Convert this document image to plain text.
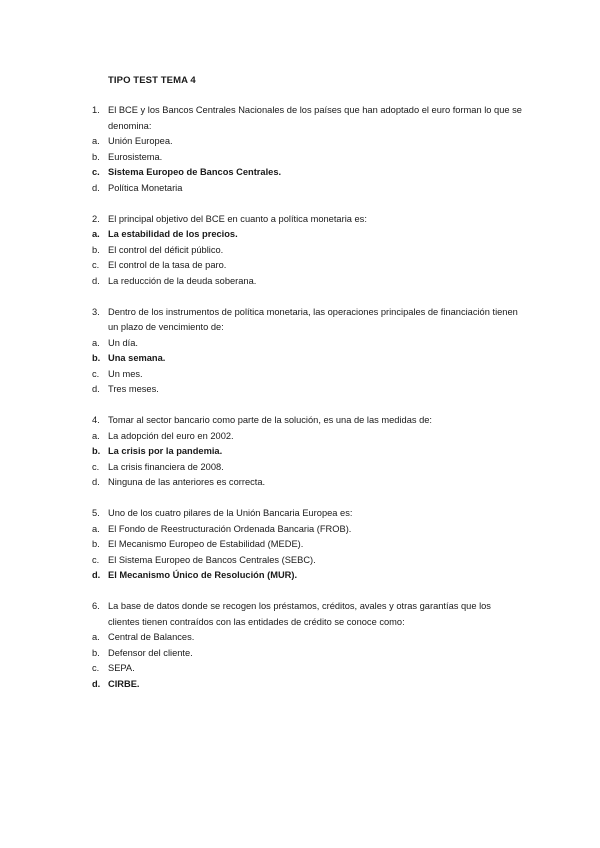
TIPO TEST TEMA 4
1. El BCE y los Bancos Centrales Nacionales de los países que han adoptado el euro forman lo que se denomina:
a. Unión Europea.
b. Eurosistema.
c. Sistema Europeo de Bancos Centrales.
d. Política Monetaria
2. El principal objetivo del BCE en cuanto a política monetaria es:
a. La estabilidad de los precios.
b. El control del déficit público.
c. El control de la tasa de paro.
d. La reducción de la deuda soberana.
3. Dentro de los instrumentos de política monetaria, las operaciones principales de financiación tienen un plazo de vencimiento de:
a. Un día.
b. Una semana.
c. Un mes.
d. Tres meses.
4. Tomar al sector bancario como parte de la solución, es una de las medidas de:
a. La adopción del euro en 2002.
b. La crisis por la pandemia.
c. La crisis financiera de 2008.
d. Ninguna de las anteriores es correcta.
5. Uno de los cuatro pilares de la Unión Bancaria Europea es:
a. El Fondo de Reestructuración Ordenada Bancaria (FROB).
b. El Mecanismo Europeo de Estabilidad (MEDE).
c. El Sistema Europeo de Bancos Centrales (SEBC).
d. El Mecanismo Único de Resolución (MUR).
6. La base de datos donde se recogen los préstamos, créditos, avales y otras garantías que los clientes tienen contraídos con las entidades de crédito se conoce como:
a. Central de Balances.
b. Defensor del cliente.
c. SEPA.
d. CIRBE.
